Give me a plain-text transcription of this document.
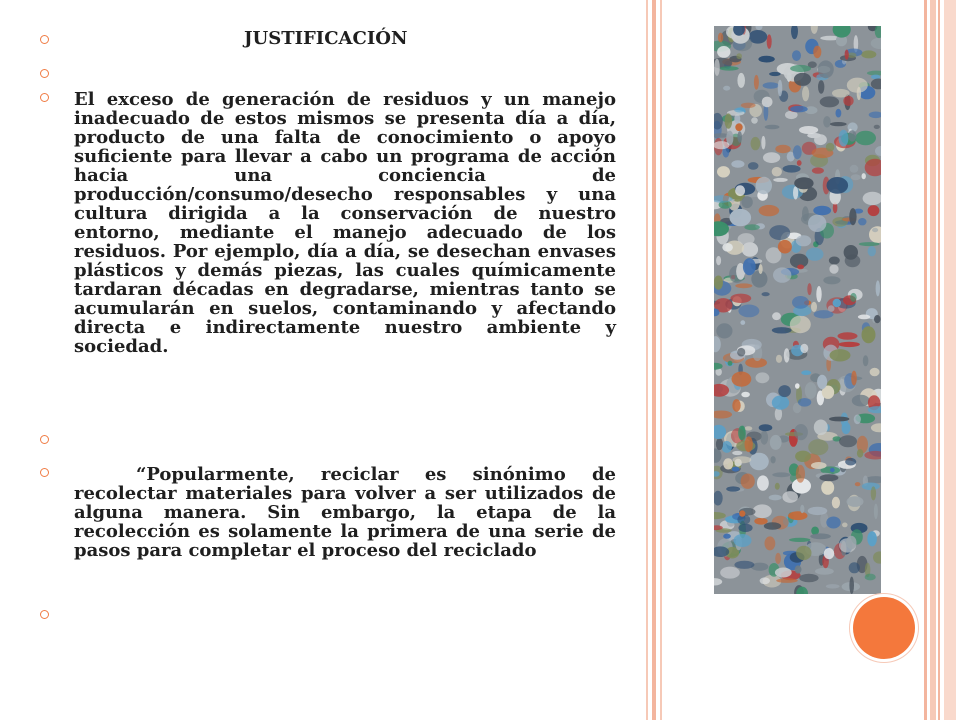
JUSTIFICACIÓN

El exceso de generación de residuos y un manejo inadecuado de estos mismos se presenta día a día, producto de una falta de conocimiento o apoyo suficiente para llevar a cabo un programa de acción hacia una conciencia de producción/consumo/desecho responsables y una cultura dirigida a la conservación de nuestro entorno, mediante el manejo adecuado de los residuos. Por ejemplo, día a día, se desechan envases plásticos y demás piezas, las cuales químicamente tardaran décadas en degradarse, mientras tanto se acumularán en suelos, contaminando y afectando directa e indirectamente nuestro ambiente y sociedad.

“Popularmente, reciclar es sinónimo de recolectar materiales para volver a ser utilizados de alguna manera. Sin embargo, la etapa de la recolección es solamente la primera de una serie de pasos para completar el proceso del reciclado
